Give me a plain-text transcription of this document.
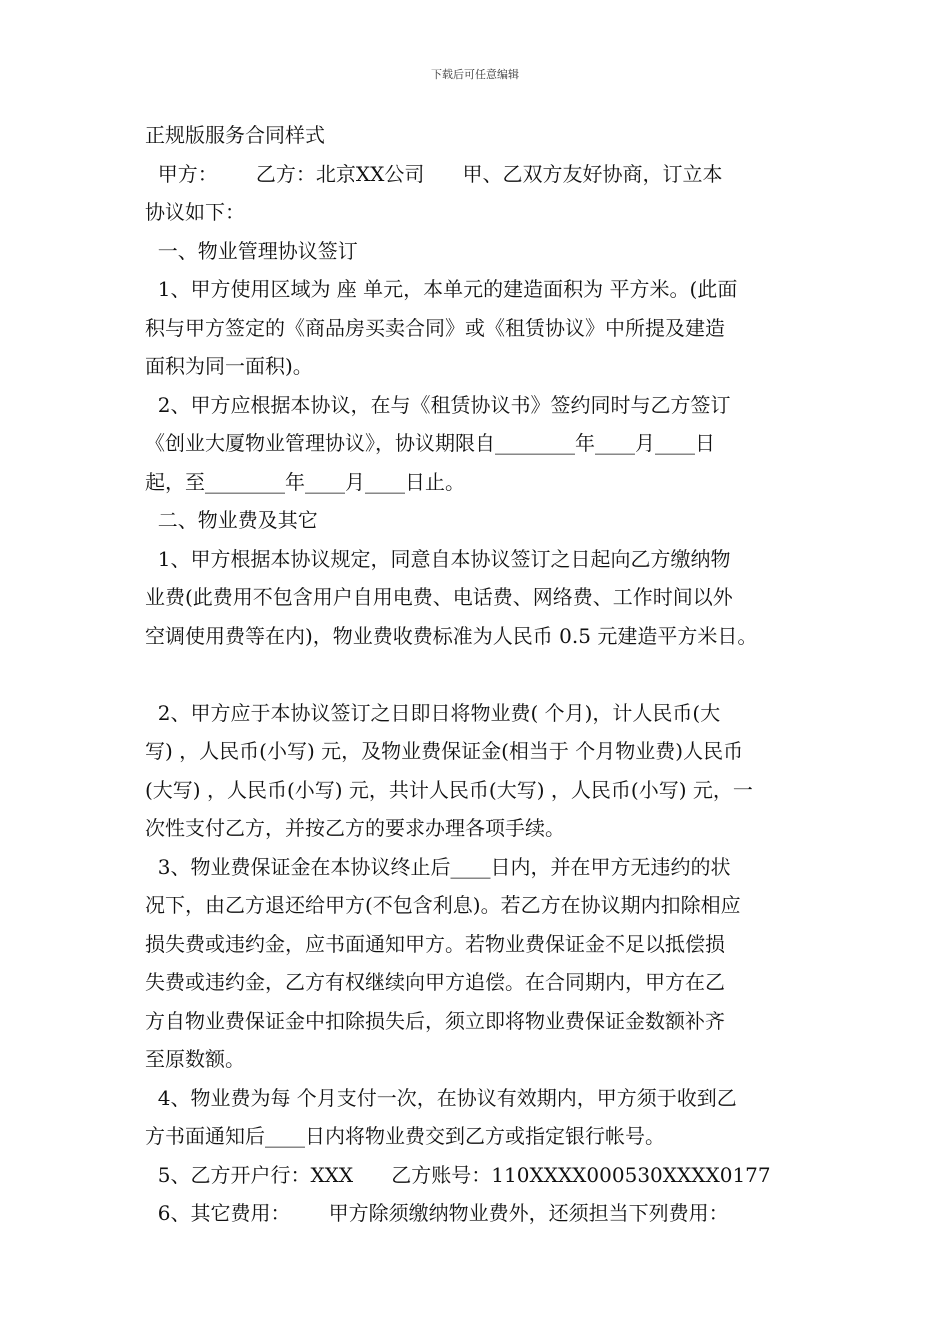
下载后可任意编辑
正规版服务合同样式
甲方：      乙方：北京XX公司      甲、乙双方友好协商，订立本
协议如下：
一、物业管理协议签订
1、甲方使用区域为 座 单元，本单元的建造面积为 平方米。(此面
积与甲方签定的《商品房买卖合同》或《租赁协议》中所提及建造
面积为同一面积)。
2、甲方应根据本协议，在与《租赁协议书》签约同时与乙方签订
《创业大厦物业管理协议》，协议期限自________年____月____日
起，至________年____月____日止。
二、物业费及其它
1、甲方根据本协议规定，同意自本协议签订之日起向乙方缴纳物
业费(此费用不包含用户自用电费、电话费、网络费、工作时间以外
空调使用费等在内)，物业费收费标准为人民币 0.5 元建造平方米日。
2、甲方应于本协议签订之日即日将物业费( 个月)，计人民币(大
写) ，人民币(小写) 元，及物业费保证金(相当于 个月物业费)人民币
(大写) ，人民币(小写) 元，共计人民币(大写) ，人民币(小写) 元，一
次性支付乙方，并按乙方的要求办理各项手续。
3、物业费保证金在本协议终止后____日内，并在甲方无违约的状
况下，由乙方退还给甲方(不包含利息)。若乙方在协议期内扣除相应
损失费或违约金，应书面通知甲方。若物业费保证金不足以抵偿损
失费或违约金，乙方有权继续向甲方追偿。在合同期内，甲方在乙
方自物业费保证金中扣除损失后，须立即将物业费保证金数额补齐
至原数额。
4、物业费为每 个月支付一次，在协议有效期内，甲方须于收到乙
方书面通知后____日内将物业费交到乙方或指定银行帐号。
5、乙方开户行：XXX      乙方账号：110XXXX000530XXXX0177
6、其它费用：      甲方除须缴纳物业费外，还须担当下列费用：
